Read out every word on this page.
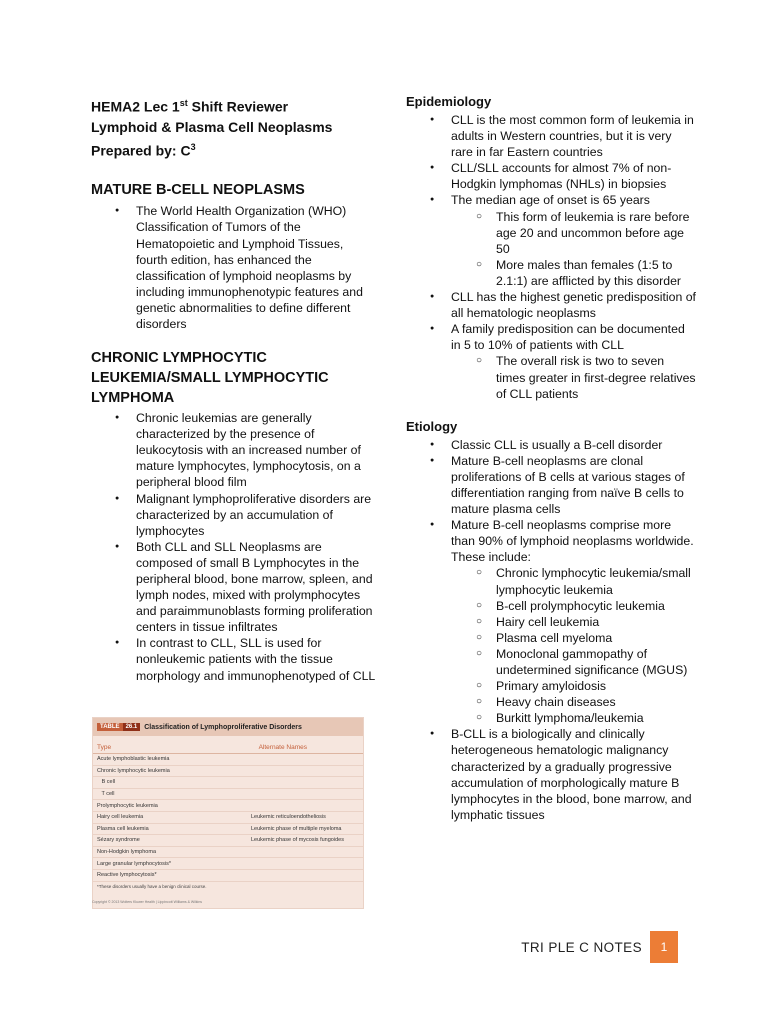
HEMA2 Lec 1st Shift Reviewer
Lymphoid & Plasma Cell Neoplasms
Prepared by: $C^3$
MATURE B-CELL NEOPLASMS
● The World Health Organization (WHO) Classification of Tumors of the Hematopoietic and Lymphoid Tissues, fourth edition, has enhanced the classification of lymphoid neoplasms by including immunophenotypic features and genetic abnormalities to define different disorders
CHRONIC LYMPHOCYTIC LEUKEMIA/SMALL LYMPHOCYTIC LYMPHOMA
● Chronic leukemias are generally characterized by the presence of leukocytosis with an increased number of mature lymphocytes, lymphocytosis, on a peripheral blood film
● Malignant lymphoproliferative disorders are characterized by an accumulation of lymphocytes
● Both CLL and SLL Neoplasms are composed of small B Lymphocytes in the peripheral blood, bone marrow, spleen, and lymph nodes, mixed with prolymphocytes and paraimmunoblasts forming proliferation centers in tissue infiltrates
● In contrast to CLL, SLL is used for nonleukemic patients with the tissue morphology and immunophenotyped of CLL
TABLE	26.1	Classification of Lymphoproliferative Disorders
Type	Alternate Names
Acute lymphoblastic leukemia
Chronic lymphocytic leukemia
B cell
T cell
Prolymphocytic leukemia
Hairy cell leukemia	Leukemic reticuloendotheliosis
Plasma cell leukemia	Leukemic phase of multiple myeloma
Sézary syndrome	Leukemic phase of mycosis fungoides
Non-Hodgkin lymphoma
Large granular lymphocytosis*
Reactive lymphocytosis*
*These disorders usually have a benign clinical course.
Copyright © 2013 Wolters Kluwer Health | Lippincott Williams & Wilkins
Epidemiology
● CLL is the most common form of leukemia in adults in Western countries, but it is very rare in far Eastern countries
● CLL/SLL accounts for almost 7% of non-Hodgkin lymphomas (NHLs) in biopsies
● The median age of onset is 65 years
○ This form of leukemia is rare before age 20 and uncommon before age 50
○ More males than females (1:5 to 2.1:1) are afflicted by this disorder
● CLL has the highest genetic predisposition of all hematologic neoplasms
● A family predisposition can be documented in 5 to 10% of patients with CLL
○ The overall risk is two to seven times greater in first-degree relatives of CLL patients
Etiology
● Classic CLL is usually a B-cell disorder
● Mature B-cell neoplasms are clonal proliferations of B cells at various stages of differentiation ranging from naïve B cells to mature plasma cells
● Mature B-cell neoplasms comprise more than 90% of lymphoid neoplasms worldwide. These include:
○ Chronic lymphocytic leukemia/small lymphocytic leukemia
○ B-cell prolymphocytic leukemia
○ Hairy cell leukemia
○ Plasma cell myeloma
○ Monoclonal gammopathy of undetermined significance (MGUS)
○ Primary amyloidosis
○ Heavy chain diseases
○ Burkitt lymphoma/leukemia
● B-CLL is a biologically and clinically heterogeneous hematologic malignancy characterized by a gradually progressive accumulation of morphologically mature B lymphocytes in the blood, bone marrow, and lymphatic tissues
TRI PLE C NOTES	1
